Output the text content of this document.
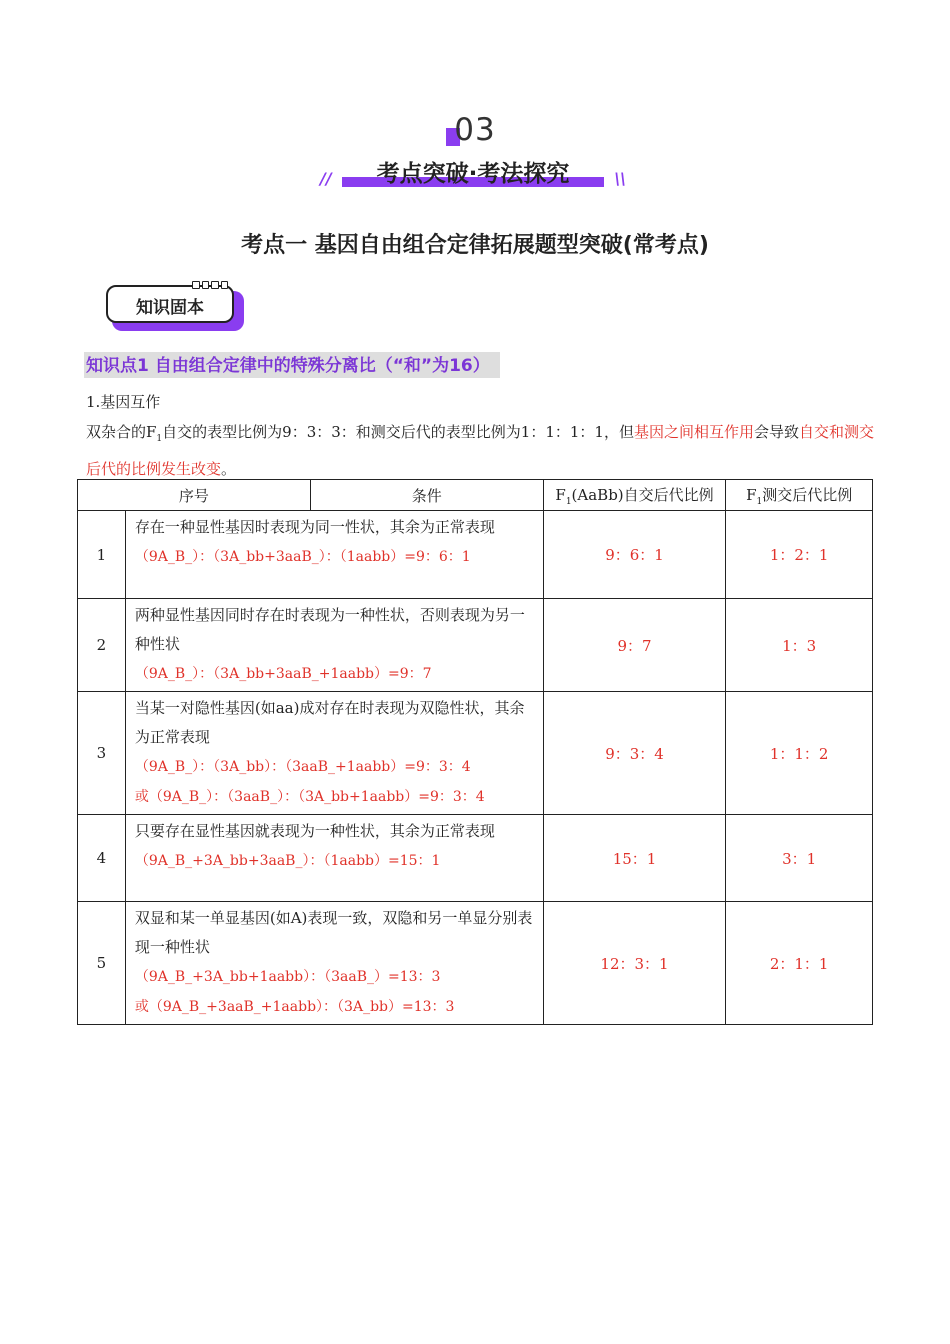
03
//	考点突破·考法探究	\\
考点一 基因自由组合定律拓展题型突破(常考点)
知识固本
知识点1 自由组合定律中的特殊分离比（“和”为16）
1.基因互作
双杂合的$F_1$自交的表型比例为9：3：3：和测交后代的表型比例为1：1：1：1，但基因之间相互作用会导致自交和测交后代的比例发生改变。
序号		条件	$F_1(AaBb)$自交后代比例	$F_1$测交后代比例
1	存在一种显性基因时表现为同一性状，其余为正常表现
（9A_B_）：（3A_bb+3aaB_）：（1aabb）=9：6：1		9：6：1	1：2：1
2	两种显性基因同时存在时表现为一种性状，否则表现为另一种性状
（9A_B_）：（3A_bb+3aaB_+1aabb）=9：7		9：7	1：3
3	当某一对隐性基因(如aa)成对存在时表现为双隐性状，其余为正常表现
（9A_B_）：（3A_bb）：（3aaB_+1aabb）=9：3：4
或（9A_B_）：（3aaB_）：（3A_bb+1aabb）=9：3：4		9：3：4	1：1：2
4	只要存在显性基因就表现为一种性状，其余为正常表现
（9A_B_+3A_bb+3aaB_）：（1aabb）=15：1		15：1	3：1
5	双显和某一单显基因(如A)表现一致，双隐和另一单显分别表现一种性状
（9A_B_+3A_bb+1aabb）：（3aaB_）=13：3
或（9A_B_+3aaB_+1aabb）：（3A_bb）=13：3		12：3：1	2：1：1
